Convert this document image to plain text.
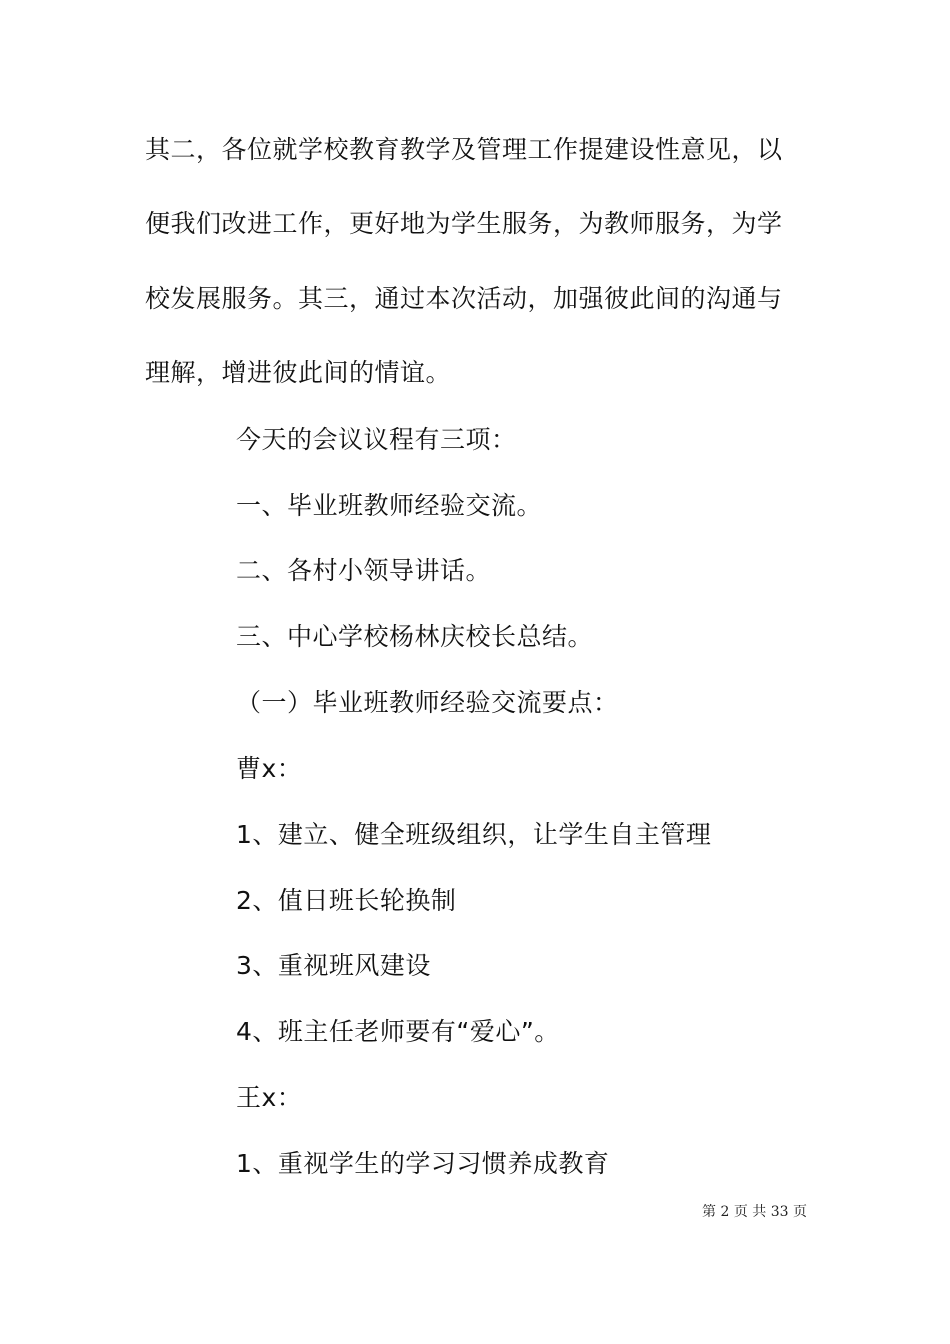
其二，各位就学校教育教学及管理工作提建设性意见，以
便我们改进工作，更好地为学生服务，为教师服务，为学
校发展服务。其三，通过本次活动，加强彼此间的沟通与
理解，增进彼此间的情谊。
今天的会议议程有三项：
一、毕业班教师经验交流。
二、各村小领导讲话。
三、中心学校杨林庆校长总结。
（一）毕业班教师经验交流要点：
曹x：
1、建立、健全班级组织，让学生自主管理
2、值日班长轮换制
3、重视班风建设
4、班主任老师要有“爱心”。
王x：
1、重视学生的学习习惯养成教育
第 2 页 共 33 页
